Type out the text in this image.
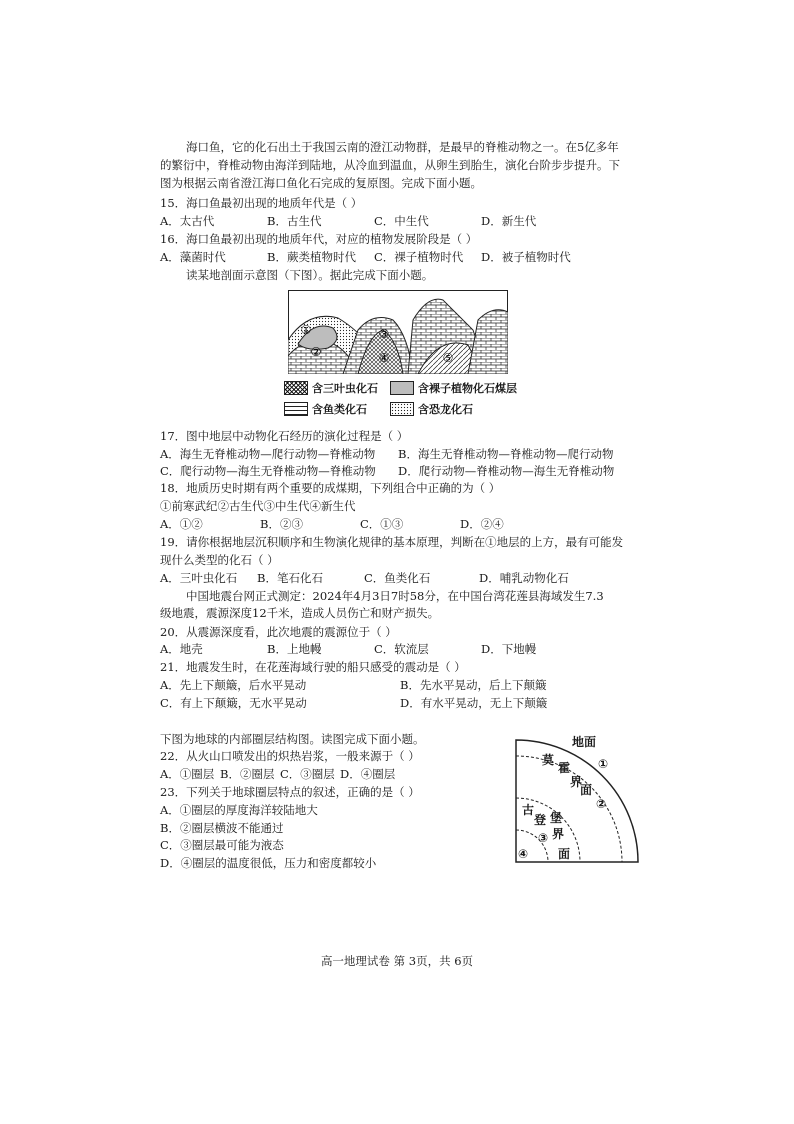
海口鱼，它的化石出土于我国云南的澄江动物群，是最早的脊椎动物之一。在5亿多年
的繁衍中，脊椎动物由海洋到陆地，从冷血到温血，从卵生到胎生，演化台阶步步提升。下
图为根据云南省澄江海口鱼化石完成的复原图。完成下面小题。
15．海口鱼最初出现的地质年代是（ ）
A．太古代	B．古生代	C．中生代	D．新生代
16．海口鱼最初出现的地质年代，对应的植物发展阶段是（ ）
A．藻菌时代	B．蕨类植物时代	C．裸子植物时代	D．被子植物时代
读某地剖面示意图（下图）。据此完成下面小题。
①
②
③
④	⑤
含三叶虫化石	含裸子植物化石煤层
含鱼类化石	含恐龙化石
17．图中地层中动物化石经历的演化过程是（ ）
A．海生无脊椎动物—爬行动物—脊椎动物	B．海生无脊椎动物—脊椎动物—爬行动物
C．爬行动物—海生无脊椎动物—脊椎动物	D．爬行动物—脊椎动物—海生无脊椎动物
18．地质历史时期有两个重要的成煤期，下列组合中正确的为（ ）
①前寒武纪②古生代③中生代④新生代
A．①②	B．②③	C．①③	D．②④
19．请你根据地层沉积顺序和生物演化规律的基本原理，判断在①地层的上方，最有可能发
现什么类型的化石（ ）
A．三叶虫化石	B．笔石化石	C．鱼类化石	D．哺乳动物化石
中国地震台网正式测定：2024年4月3日7时58分，在中国台湾花莲县海域发生7.3
级地震，震源深度12千米，造成人员伤亡和财产损失。
20．从震源深度看，此次地震的震源位于（ ）
A．地壳	B．上地幔	C．软流层	D．下地幔
21．地震发生时，在花莲海域行驶的船只感受的震动是（ ）
A．先上下颠簸，后水平晃动	B．先水平晃动，后上下颠簸
C．有上下颠簸，无水平晃动	D．有水平晃动，无上下颠簸
下图为地球的内部圈层结构图。读图完成下面小题。
22．从火山口喷发出的炽热岩浆，一般来源于（ ）
A．①圈层 B．②圈层 C．③圈层 D．④圈层
23．下列关于地球圈层特点的叙述，正确的是（ ）
A．①圈层的厚度海洋较陆地大
B．②圈层横波不能通过
C．③圈层最可能为液态
D．④圈层的温度很低，压力和密度都较小
地面
莫
霍
界
面
①
②
古
登 堡
界
面
③
④
高一地理试卷 第 3页，共 6页
